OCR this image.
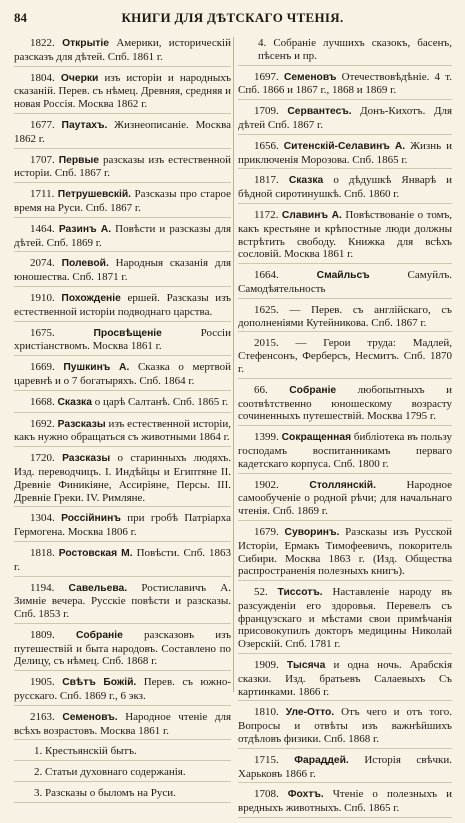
84	КНИГИ ДЛЯ ДѢТСКАГО ЧТЕНІЯ.
1822. Открытіе Америки, историческій разсказъ для дѣтей. Спб. 1861 г.
1804. Очерки изъ исторіи и народныхъ сказаній. Перев. съ нѣмец. Древняя, средняя и новая Россія. Москва 1862 г.
1677. Паутахъ. Жизнеописаніе. Москва 1862 г.
1707. Первые разсказы изъ естественной исторіи. Спб. 1867 г.
1711. Петрушевскій. Разсказы про старое время на Руси. Спб. 1867 г.
1464. Разинъ А. Повѣсти и разсказы для дѣтей. Спб. 1869 г.
2074. Полевой. Народныя сказанія для юношества. Спб. 1871 г.
1910. Похожденіе ершей. Разсказы изъ естественной исторіи подводнаго царства.
1675. Просвѣщеніе Россіи христіанствомъ. Москва 1861 г.
1669. Пушкинъ А. Сказка о мертвой царевнѣ и о 7 богатыряхъ. Спб. 1864 г.
1668. Сказка о царѣ Салтанѣ. Спб. 1865 г.
1692. Разсказы изъ естественной исторіи, какъ нужно обращаться съ животными 1864 г.
1720. Разсказы о старинныхъ людяхъ. Изд. переводчицъ. I. Индѣйцы и Египтяне II. Древніе Финикіяне, Ассиріяне, Персы. III. Древніе Греки. IV. Римляне.
1304. Россійнинъ при гробѣ Патріарха Гермогена. Москва 1806 г.
1818. Ростовская М. Повѣсти. Спб. 1863 г.
1194. Савельева. Ростиславичъ А. Зимніе вечера. Русскіе повѣсти и разсказы. Спб. 1853 г.
1809. Собраніе разсказовъ изъ путешествій и быта народовъ. Составлено по Делицу, съ нѣмец. Спб. 1868 г.
1905. Свѣтъ Божій. Перев. съ южно-русскаго. Спб. 1869 г., 6 экз.
2163. Семеновъ. Народное чтеніе для всѣхъ возрастовъ. Москва 1861 г.
1. Крестьянскій бытъ.
2. Статьи духовнаго содержанія.
3. Разсказы о быломъ на Руси.
4. Собраніе лучшихъ сказокъ, басенъ, пѣсенъ и пр.
1697. Семеновъ Отечествовѣдѣніе. 4 т. Спб. 1866 и 1867 г., 1868 и 1869 г.
1709. Сервантесъ. Донъ-Кихотъ. Для дѣтей Спб. 1867 г.
1656. Ситенскій-Селавинъ А. Жизнь и приключенія Морозова. Спб. 1865 г.
1817. Сказка о дѣдушкѣ Январѣ и бѣдной сиротинушкѣ. Спб. 1860 г.
1172. Славинъ А. Повѣствованіе о томъ, какъ крестьяне и крѣпостные люди должны встрѣтить свободу. Книжка для всѣхъ сословій. Москва 1861 г.
1664. Смайльсъ Самуйлъ. Самодѣятельность
1625. — Перев. съ англійскаго, съ дополненіями Кутейникова. Спб. 1867 г.
2015. — Герои труда: Мадлей, Стефенсонъ, Ферберсъ, Несмитъ. Спб. 1870 г.
66. Собраніе любопытныхъ и соотвѣтственно юношескому возрасту сочиненныхъ путешествій. Москва 1795 г.
1399. Сокращенная библіотека въ пользу господамъ воспитанникамъ перваго кадетскаго корпуса. Спб. 1800 г.
1902. Столлянскій. Народное самообученіе о родной рѣчи; для начальнаго чтенія. Спб. 1869 г.
1679. Суворинъ. Разсказы изъ Русской Исторіи, Ермакъ Тимофеевичъ, покоритель Сибири. Москва 1863 г. (Изд. Общества распространенія полезныхъ книгъ).
52. Тиссотъ. Наставленіе народу въ разсужденіи его здоровья. Перевелъ съ французскаго и мѣстами свои примѣчанія присовокупилъ докторъ медицины Николай Озерскій. Спб. 1781 г.
1909. Тысяча и одна ночь. Арабскія сказки. Изд. братьевъ Салаевыхъ Съ картинками. 1866 г.
1810. Уле-Отто. Отъ чего и отъ того. Вопросы и отвѣты изъ важнѣйшихъ отдѣловъ физики. Спб. 1868 г.
1715. Фараддей. Исторія свѣчки. Харьковъ 1866 г.
1708. Фохтъ. Чтеніе о полезныхъ и вредныхъ животныхъ. Спб. 1865 г.
